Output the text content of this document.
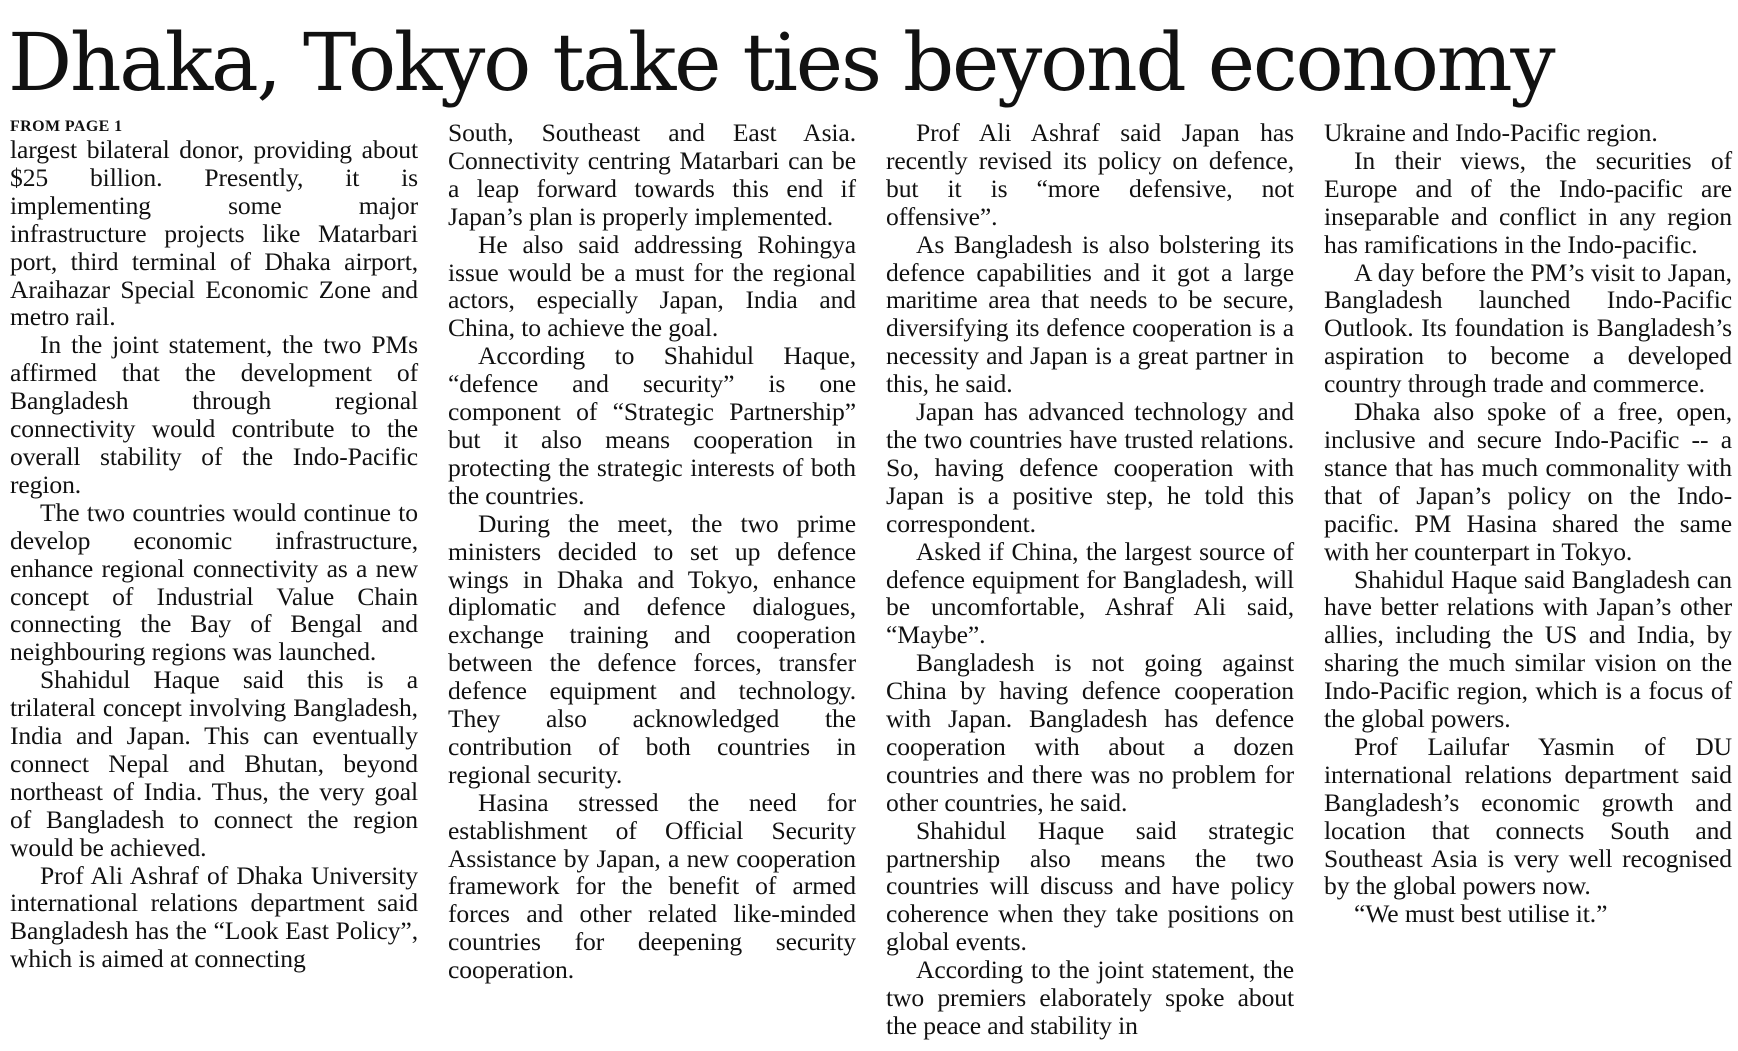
Dhaka, Tokyo take ties beyond economy
FROM PAGE 1

largest bilateral donor, providing about $25 billion. Presently, it is implementing some major infrastructure projects like Matarbari port, third terminal of Dhaka airport, Araihazar Special Economic Zone and metro rail.

In the joint statement, the two PMs affirmed that the development of Bangladesh through regional connectivity would contribute to the overall stability of the Indo-Pacific region.

The two countries would continue to develop economic infrastructure, enhance regional connectivity as a new concept of Industrial Value Chain connecting the Bay of Bengal and neighbouring regions was launched.

Shahidul Haque said this is a trilateral concept involving Bangladesh, India and Japan. This can eventually connect Nepal and Bhutan, beyond northeast of India. Thus, the very goal of Bangladesh to connect the region would be achieved.

Prof Ali Ashraf of Dhaka University international relations department said Bangladesh has the “Look East Policy”, which is aimed at connecting

South, Southeast and East Asia. Connectivity centring Matarbari can be a leap forward towards this end if Japan’s plan is properly implemented.

He also said addressing Rohingya issue would be a must for the regional actors, especially Japan, India and China, to achieve the goal.

According to Shahidul Haque, “defence and security” is one component of “Strategic Partnership” but it also means cooperation in protecting the strategic interests of both the countries.

During the meet, the two prime ministers decided to set up defence wings in Dhaka and Tokyo, enhance diplomatic and defence dialogues, exchange training and cooperation between the defence forces, transfer defence equipment and technology. They also acknowledged the contribution of both countries in regional security.

Hasina stressed the need for establishment of Official Security Assistance by Japan, a new cooperation framework for the benefit of armed forces and other related like-minded countries for deepening security cooperation.

Prof Ali Ashraf said Japan has recently revised its policy on defence, but it is “more defensive, not offensive”.

As Bangladesh is also bolstering its defence capabilities and it got a large maritime area that needs to be secure, diversifying its defence cooperation is a necessity and Japan is a great partner in this, he said.

Japan has advanced technology and the two countries have trusted relations. So, having defence cooperation with Japan is a positive step, he told this correspondent.

Asked if China, the largest source of defence equipment for Bangladesh, will be uncomfortable, Ashraf Ali said, “Maybe”.

Bangladesh is not going against China by having defence cooperation with Japan. Bangladesh has defence cooperation with about a dozen countries and there was no problem for other countries, he said.

Shahidul Haque said strategic partnership also means the two countries will discuss and have policy coherence when they take positions on global events.

According to the joint statement, the two premiers elaborately spoke about the peace and stability in

Ukraine and Indo-Pacific region.

In their views, the securities of Europe and of the Indo-pacific are inseparable and conflict in any region has ramifications in the Indo-pacific.

A day before the PM’s visit to Japan, Bangladesh launched Indo-Pacific Outlook. Its foundation is Bangladesh’s aspiration to become a developed country through trade and commerce.

Dhaka also spoke of a free, open, inclusive and secure Indo-Pacific -- a stance that has much commonality with that of Japan’s policy on the Indo-pacific. PM Hasina shared the same with her counterpart in Tokyo.

Shahidul Haque said Bangladesh can have better relations with Japan’s other allies, including the US and India, by sharing the much similar vision on the Indo-Pacific region, which is a focus of the global powers.

Prof Lailufar Yasmin of DU international relations department said Bangladesh’s economic growth and location that connects South and Southeast Asia is very well recognised by the global powers now.

“We must best utilise it.”
